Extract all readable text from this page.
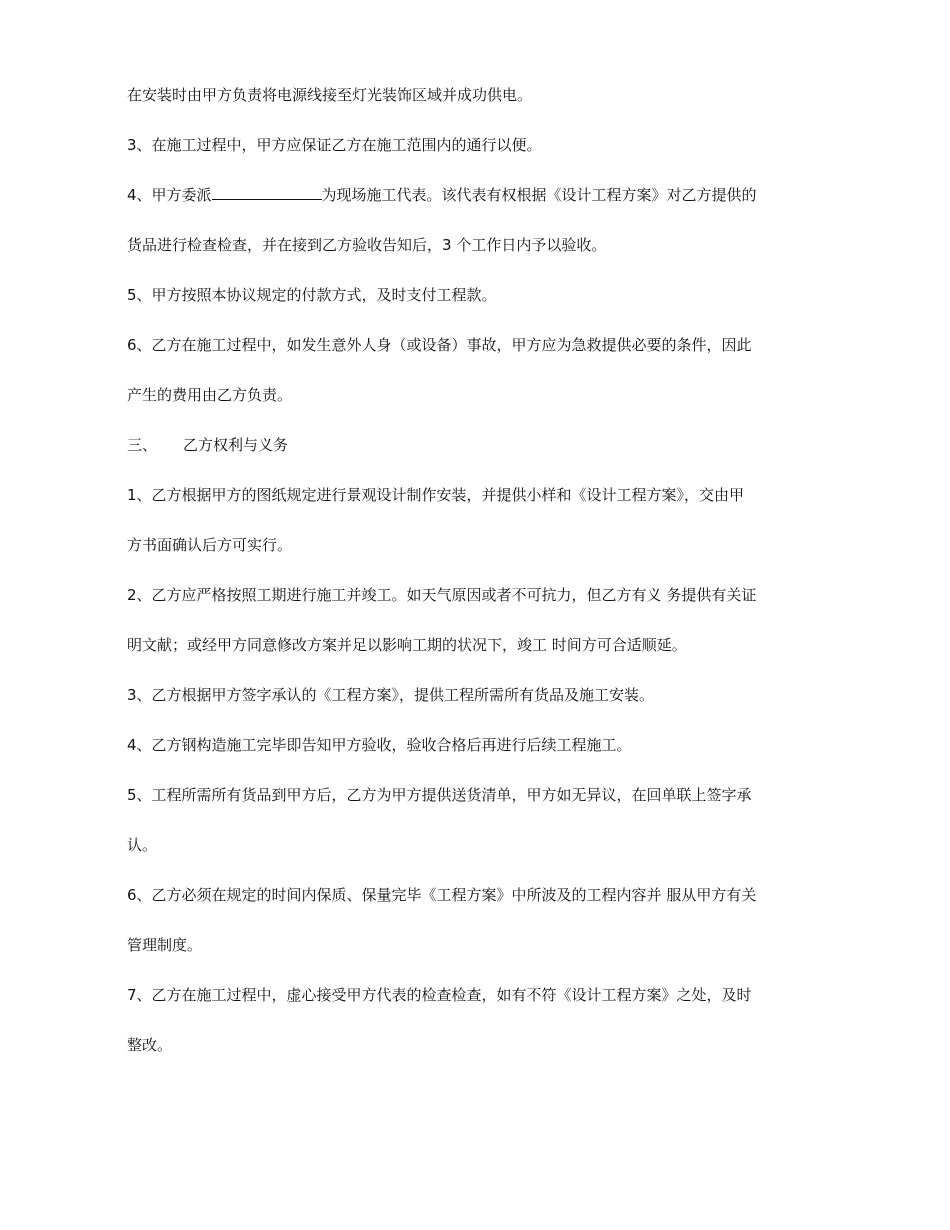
在安装时由甲方负责将电源线接至灯光装饰区域并成功供电。
3、在施工过程中，甲方应保证乙方在施工范围内的通行以便。
4、甲方委派	为现场施工代表。该代表有权根据《设计工程方案》对乙方提供的
货品进行检查检查，并在接到乙方验收告知后，3 个工作日内予以验收。
5、甲方按照本协议规定的付款方式，及时支付工程款。
6、乙方在施工过程中，如发生意外人身（或设备）事故，甲方应为急救提供必要的条件，因此
产生的费用由乙方负责。
三、 乙方权利与义务
1、乙方根据甲方的图纸规定进行景观设计制作安装，并提供小样和《设计工程方案》，交由甲
方书面确认后方可实行。
2、乙方应严格按照工期进行施工并竣工。如天气原因或者不可抗力，但乙方有义 务提供有关证
明文献；或经甲方同意修改方案并足以影响工期的状况下，竣工 时间方可合适顺延。
3、乙方根据甲方签字承认的《工程方案》，提供工程所需所有货品及施工安装。
4、乙方钢构造施工完毕即告知甲方验收，验收合格后再进行后续工程施工。
5、工程所需所有货品到甲方后，乙方为甲方提供送货清单，甲方如无异议，在回单联上签字承
认。
6、乙方必须在规定的时间内保质、保量完毕《工程方案》中所波及的工程内容并 服从甲方有关
管理制度。
7、乙方在施工过程中，虚心接受甲方代表的检查检查，如有不符《设计工程方案》之处，及时
整改。
